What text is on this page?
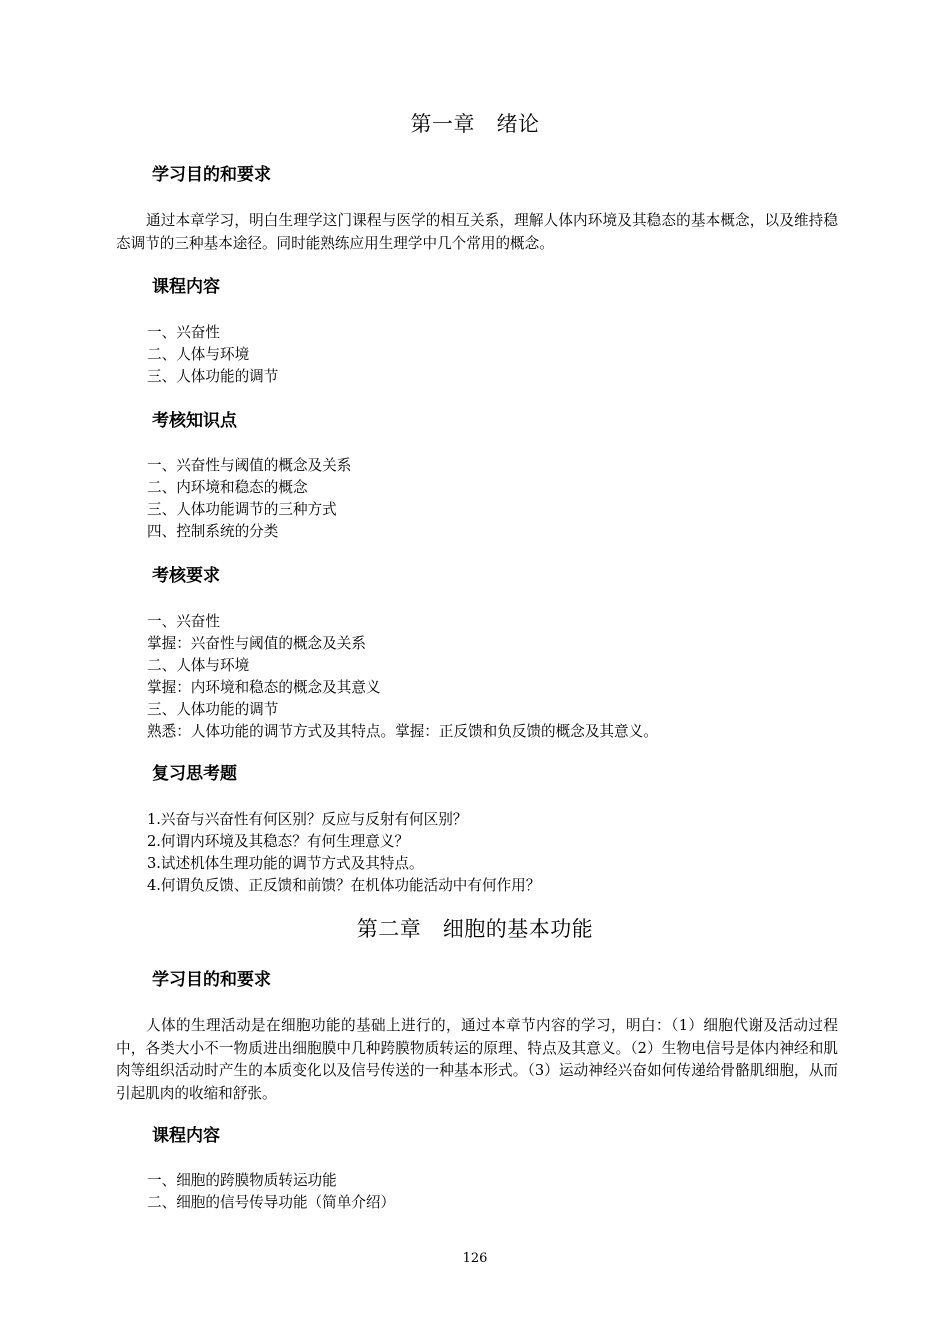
第一章　绪论
学习目的和要求

通过本章学习，明白生理学这门课程与医学的相互关系，理解人体内环境及其稳态的基本概念，以及维持稳态调节的三种基本途径。同时能熟练应用生理学中几个常用的概念。

课程内容
一、兴奋性
二、人体与环境
三、人体功能的调节
考核知识点
一、兴奋性与阈值的概念及关系
二、内环境和稳态的概念
三、人体功能调节的三种方式
四、控制系统的分类
考核要求
一、兴奋性
掌握：兴奋性与阈值的概念及关系
二、人体与环境
掌握：内环境和稳态的概念及其意义
三、人体功能的调节
熟悉：人体功能的调节方式及其特点。掌握：正反馈和负反馈的概念及其意义。
复习思考题
1.兴奋与兴奋性有何区别？反应与反射有何区别？
2.何谓内环境及其稳态？有何生理意义？
3.试述机体生理功能的调节方式及其特点。
4.何谓负反馈、正反馈和前馈？在机体功能活动中有何作用？
第二章　细胞的基本功能
学习目的和要求

人体的生理活动是在细胞功能的基础上进行的，通过本章节内容的学习，明白：（1）细胞代谢及活动过程中，各类大小不一物质进出细胞膜中几种跨膜物质转运的原理、特点及其意义。（2）生物电信号是体内神经和肌肉等组织活动时产生的本质变化以及信号传送的一种基本形式。（3）运动神经兴奋如何传递给骨骼肌细胞，从而引起肌肉的收缩和舒张。

课程内容
一、细胞的跨膜物质转运功能
二、细胞的信号传导功能（简单介绍）
126
